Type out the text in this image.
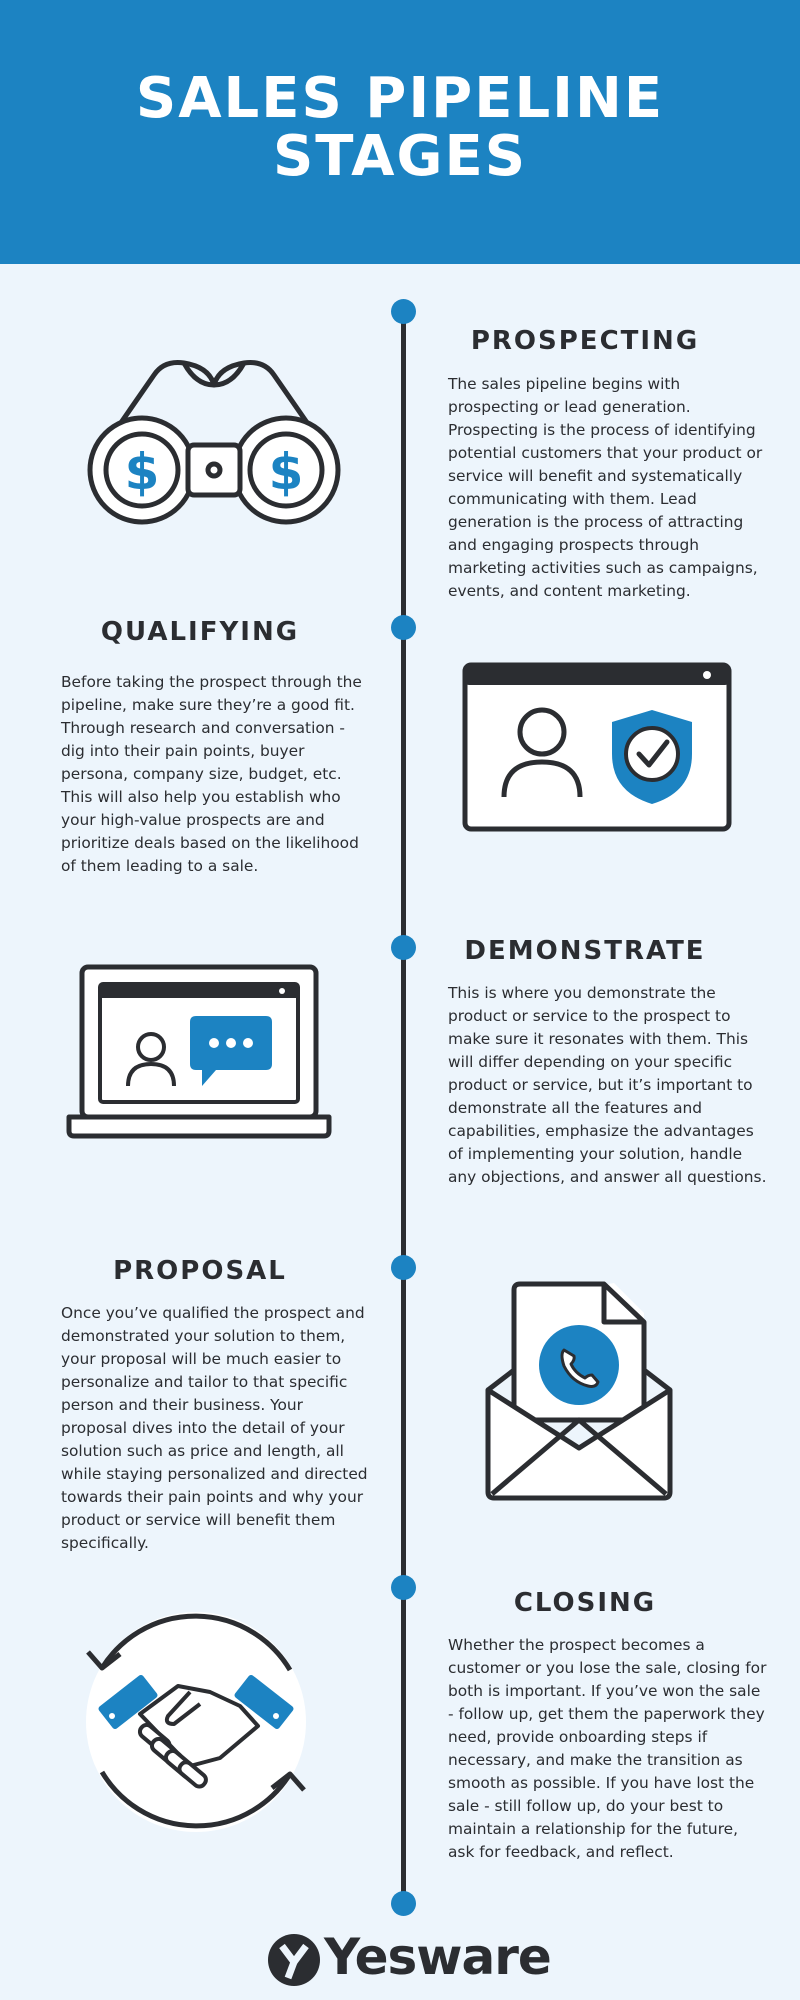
SALES PIPELINE
STAGES
PROSPECTING
The sales pipeline begins with prospecting or lead generation. Prospecting is the process of identifying potential customers that your product or service will benefit and systematically communicating with them. Lead generation is the process of attracting and engaging prospects through marketing activities such as campaigns, events, and content marketing.
$ $
QUALIFYING
Before taking the prospect through the pipeline, make sure they’re a good fit. Through research and conversation - dig into their pain points, buyer persona, company size, budget, etc. This will also help you establish who your high-value prospects are and prioritize deals based on the likelihood of them leading to a sale.
DEMONSTRATE
This is where you demonstrate the product or service to the prospect to make sure it resonates with them. This will differ depending on your specific product or service, but it’s important to demonstrate all the features and capabilities, emphasize the advantages of implementing your solution, handle any objections, and answer all questions.
PROPOSAL
Once you’ve qualified the prospect and demonstrated your solution to them, your proposal will be much easier to personalize and tailor to that specific person and their business. Your proposal dives into the detail of your solution such as price and length, all while staying personalized and directed towards their pain points and why your product or service will benefit them specifically.
CLOSING
Whether the prospect becomes a customer or you lose the sale, closing for both is important. If you’ve won the sale - follow up, get them the paperwork they need, provide onboarding steps if necessary, and make the transition as smooth as possible. If you have lost the sale - still follow up, do your best to maintain a relationship for the future, ask for feedback, and reflect.
Yesware
